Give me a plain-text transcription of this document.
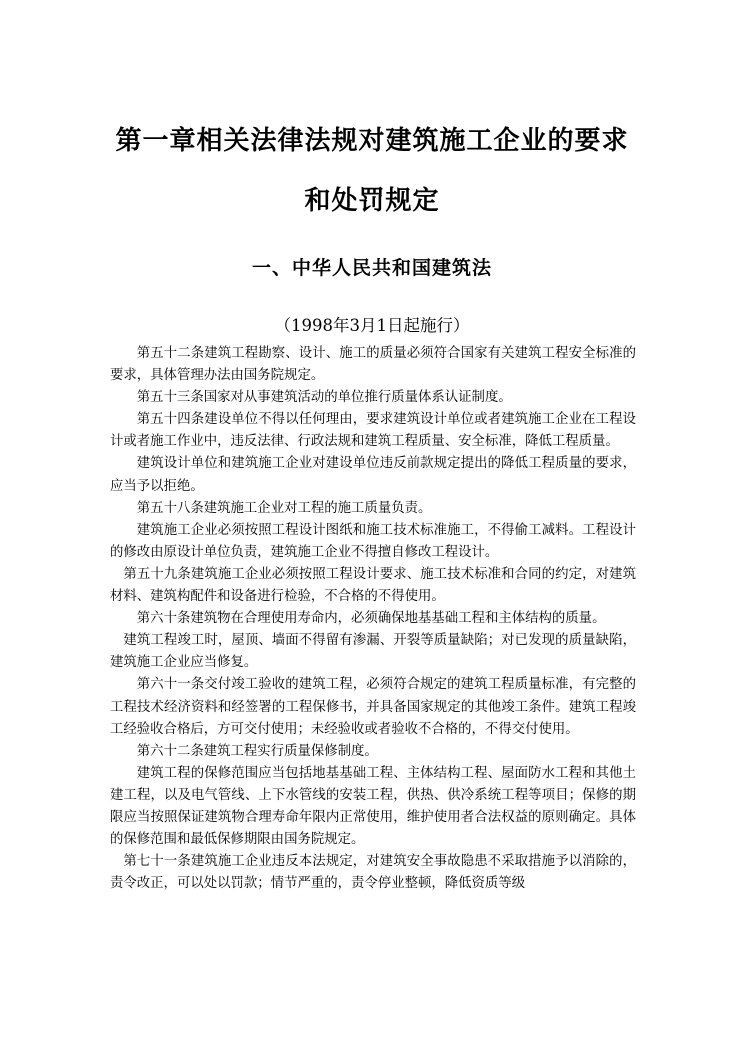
第一章相关法律法规对建筑施工企业的要求
和处罚规定
一、中华人民共和国建筑法
（1998年3月1日起施行）

第五十二条建筑工程勘察、设计、施工的质量必须符合国家有关建筑工程安全标准的要求，具体管理办法由国务院规定。

第五十三条国家对从事建筑活动的单位推行质量体系认证制度。

第五十四条建设单位不得以任何理由，要求建筑设计单位或者建筑施工企业在工程设计或者施工作业中，违反法律、行政法规和建筑工程质量、安全标准，降低工程质量。

建筑设计单位和建筑施工企业对建设单位违反前款规定提出的降低工程质量的要求，应当予以拒绝。

第五十八条建筑施工企业对工程的施工质量负责。

建筑施工企业必须按照工程设计图纸和施工技术标准施工，不得偷工减料。工程设计的修改由原设计单位负责，建筑施工企业不得擅自修改工程设计。

第五十九条建筑施工企业必须按照工程设计要求、施工技术标准和合同的约定，对建筑材料、建筑构配件和设备进行检验，不合格的不得使用。

第六十条建筑物在合理使用寿命内，必须确保地基基础工程和主体结构的质量。

建筑工程竣工时，屋顶、墙面不得留有渗漏、开裂等质量缺陷；对已发现的质量缺陷，建筑施工企业应当修复。

第六十一条交付竣工验收的建筑工程，必须符合规定的建筑工程质量标准，有完整的工程技术经济资料和经签署的工程保修书，并具备国家规定的其他竣工条件。建筑工程竣工经验收合格后，方可交付使用；未经验收或者验收不合格的，不得交付使用。

第六十二条建筑工程实行质量保修制度。

建筑工程的保修范围应当包括地基基础工程、主体结构工程、屋面防水工程和其他土建工程，以及电气管线、上下水管线的安装工程，供热、供冷系统工程等项目；保修的期限应当按照保证建筑物合理寿命年限内正常使用，维护使用者合法权益的原则确定。具体的保修范围和最低保修期限由国务院规定。

第七十一条建筑施工企业违反本法规定，对建筑安全事故隐患不采取措施予以消除的，责令改正，可以处以罚款；情节严重的，责令停业整顿，降低资质等级
